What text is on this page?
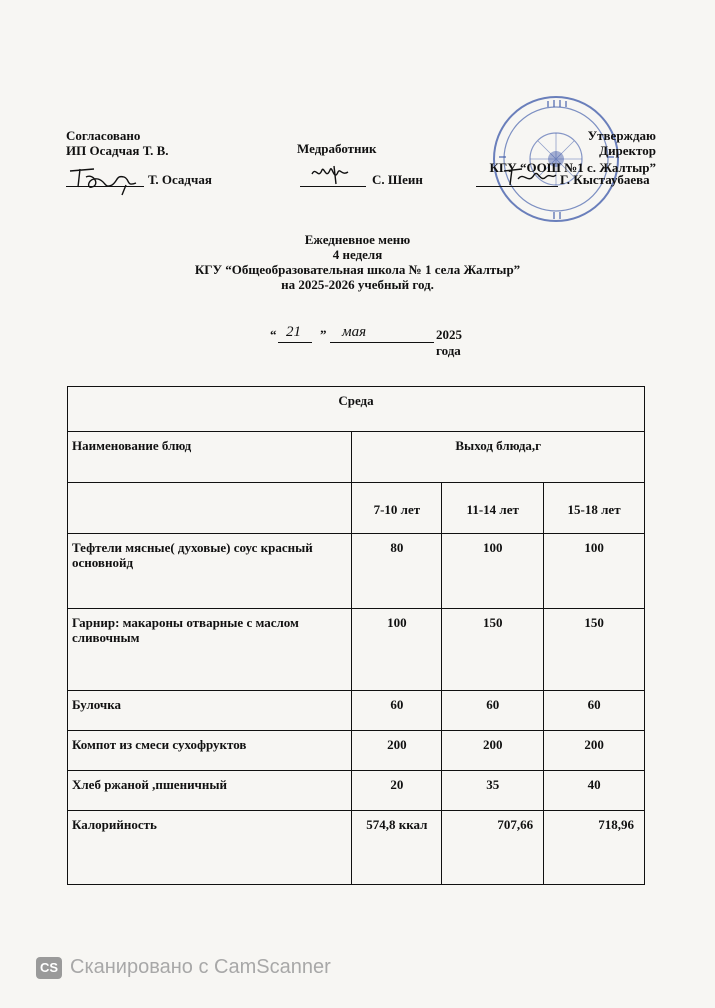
Согласовано
ИП Осадчая Т. В.
Т. Осадчая
Медработник
С. Шеин
Утверждаю
Директор
КГУ “ООШ №1 с. Жалтыр”
Г. Кыстаубаева
Ежедневное меню
4 неделя
КГУ “Общеобразовательная школа № 1 села Жалтыр”
на 2025-2026 учебный год.
“ 21 ” мая	2025 года
Среда			
Наименование блюд	Выход блюда,г		
	7-10 лет	11-14 лет	15-18 лет
Тефтели мясные( духовые) соус красный основнойд	80	100	100
Гарнир: макароны отварные с маслом сливочным	100	150	150
Булочка	60	60	60
Компот из смеси сухофруктов	200	200	200
Хлеб ржаной ,пшеничный	20	35	40
Калорийность	574,8 ккал	707,66	718,96
CS Сканировано с CamScanner
